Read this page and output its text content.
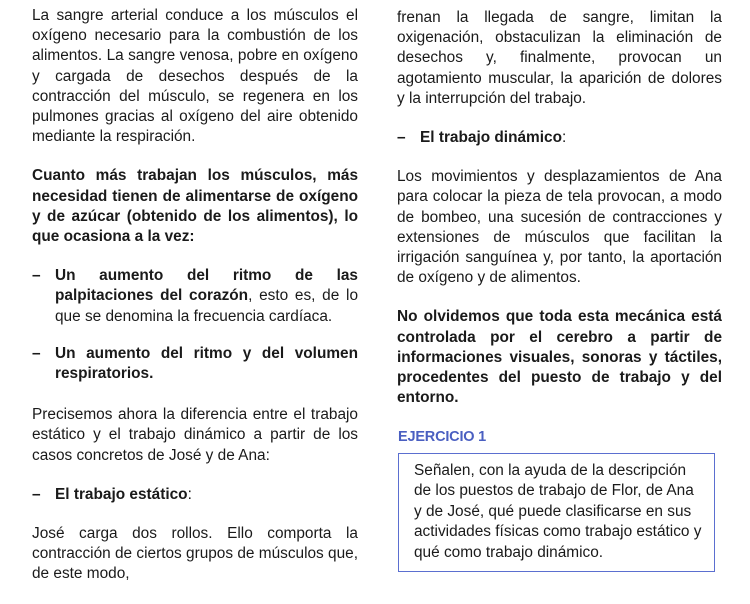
La sangre arterial conduce a los músculos el oxígeno necesario para la combustión de los alimentos. La sangre venosa, pobre en oxígeno y cargada de desechos después de la contracción del músculo, se regenera en los pulmones gracias al oxígeno del aire obtenido mediante la respiración.

Cuanto más trabajan los músculos, más necesidad tienen de alimentarse de oxígeno y de azúcar (obtenido de los alimentos), lo que ocasiona a la vez:

– Un aumento del ritmo de las palpitaciones del corazón, esto es, de lo que se denomina la frecuencia cardíaca.
– Un aumento del ritmo y del volumen respiratorios.

Precisemos ahora la diferencia entre el trabajo estático y el trabajo dinámico a partir de los casos concretos de José y de Ana:

– El trabajo estático:

José carga dos rollos. Ello comporta la contracción de ciertos grupos de músculos que, de este modo,

frenan la llegada de sangre, limitan la oxigenación, obstaculizan la eliminación de desechos y, finalmente, provocan un agotamiento muscular, la aparición de dolores y la interrupción del trabajo.

– El trabajo dinámico:

Los movimientos y desplazamientos de Ana para colocar la pieza de tela provocan, a modo de bombeo, una sucesión de contracciones y extensiones de músculos que facilitan la irrigación sanguínea y, por tanto, la aportación de oxígeno y de alimentos.

No olvidemos que toda esta mecánica está controlada por el cerebro a partir de informaciones visuales, sonoras y táctiles, procedentes del puesto de trabajo y del entorno.

EJERCICIO 1
Señalen, con la ayuda de la descripción de los puestos de trabajo de Flor, de Ana y de José, qué puede clasificarse en sus actividades físicas como trabajo estático y qué como trabajo dinámico.
